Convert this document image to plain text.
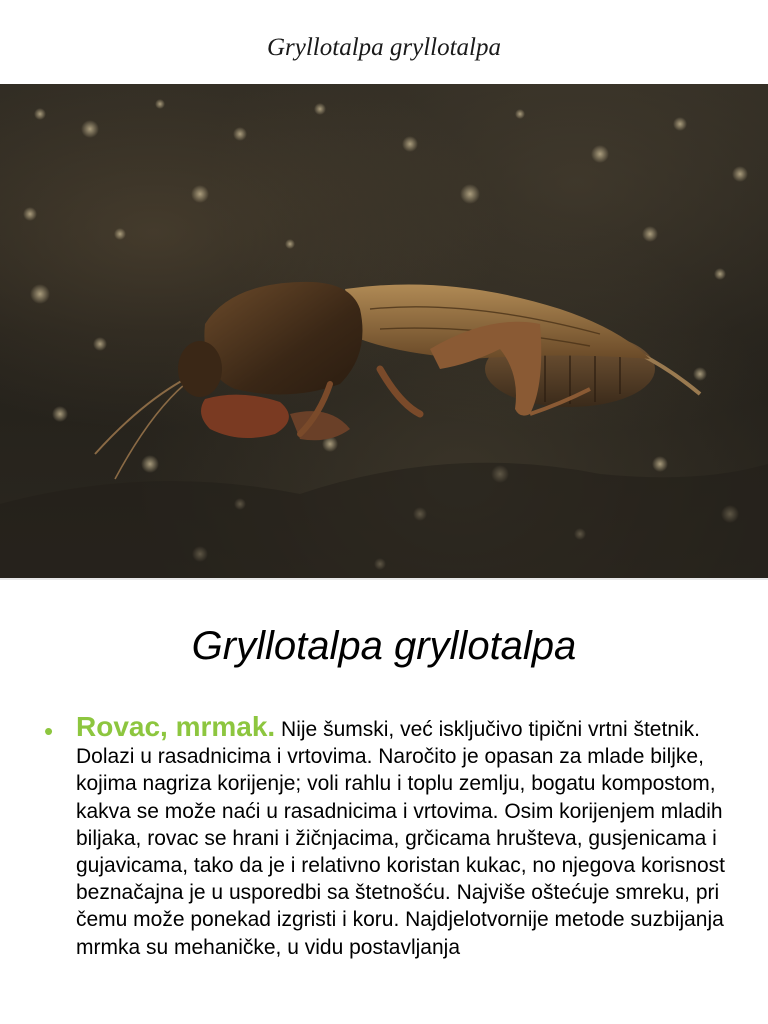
Gryllotalpa gryllotalpa
Gryllotalpa gryllotalpa
• Rovac, mrmak. Nije šumski, već isključivo tipični vrtni štetnik. Dolazi u rasadnicima i vrtovima. Naročito je opasan za mlade biljke, kojima nagriza korijenje; voli rahlu i toplu zemlju, bogatu kompostom, kakva se može naći u rasadnicima i vrtovima. Osim korijenjem mladih biljaka, rovac se hrani i žičnjacima, grčicama hrušteva, gusjenicama i gujavicama, tako da je i relativno koristan kukac, no njegova korisnost beznačajna je u usporedbi sa štetnošću. Najviše oštećuje smreku, pri čemu može ponekad izgristi i koru. Najdjelotvornije metode suzbijanja mrmka su mehaničke, u vidu postavljanja
